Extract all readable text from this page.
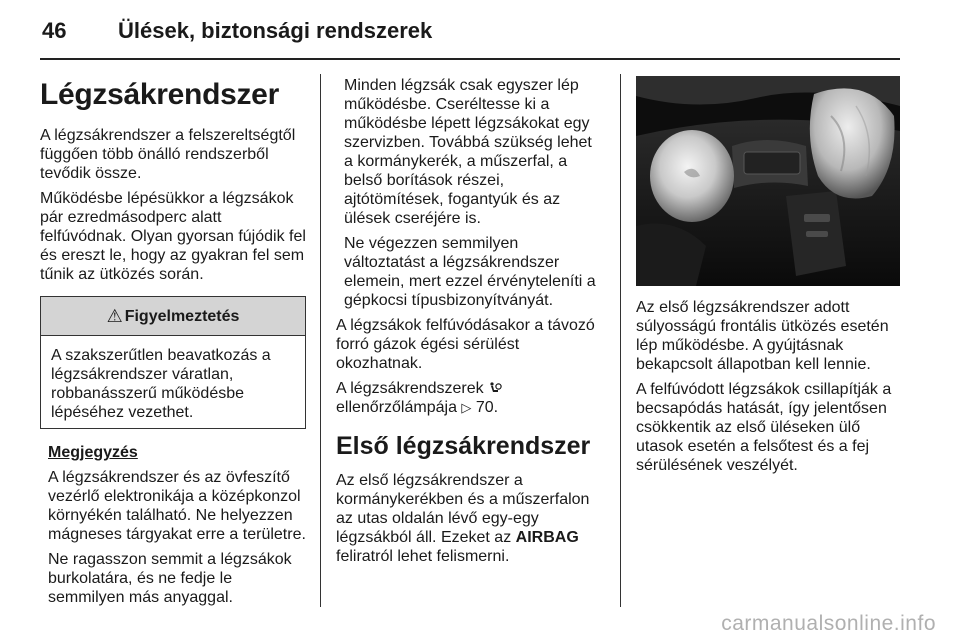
46 Ülések, biztonsági rendszerek
Légzsákrendszer

A légzsákrendszer a felszereltségtől
függően több önálló rendszerből
tevődik össze.

Működésbe lépésükkor a légzsákok
pár ezredmásodperc alatt
felfúvódnak. Olyan gyorsan fújódik fel
és ereszt le, hogy az gyakran fel sem
tűnik az ütközés során.

⚠ Figyelmeztetés
A szakszerűtlen beavatkozás a
légzsákrendszer váratlan,
robbanásszerű működésbe
lépéséhez vezethet.

Megjegyzés

A légzsákrendszer és az övfeszítő
vezérlő elektronikája a középkonzol
környékén található. Ne helyezzen
mágneses tárgyakat erre a területre.

Ne ragasszon semmit a légzsákok
burkolatára, és ne fedje le
semmilyen más anyaggal.

Minden légzsák csak egyszer lép
működésbe. Cseréltesse ki a
működésbe lépett légzsákokat egy
szervizben. Továbbá szükség lehet
a kormánykerék, a műszerfal, a
belső borítások részei,
ajtótömítések, fogantyúk és az
ülések cseréjére is.

Ne végezzen semmilyen
változtatást a légzsákrendszer
elemein, mert ezzel érvényteleníti a
gépkocsi típusbizonyítványát.

A légzsákok felfúvódásakor a távozó
forró gázok égési sérülést
okozhatnak.

A légzsákrendszerek
ellenőrzőlámpája ▷ 70.

Első légzsákrendszer

Az első légzsákrendszer a
kormánykerékben és a műszerfalon
az utas oldalán lévő egy-egy
légzsákból áll. Ezeket az AIRBAG
feliratról lehet felismerni.

Az első légzsákrendszer adott
súlyosságú frontális ütközés esetén
lép működésbe. A gyújtásnak
bekapcsolt állapotban kell lennie.

A felfúvódott légzsákok csillapítják a
becsapódás hatását, így jelentősen
csökkentik az első üléseken ülő
utasok esetén a felsőtest és a fej
sérülésének veszélyét.

carmanualsonline.info
